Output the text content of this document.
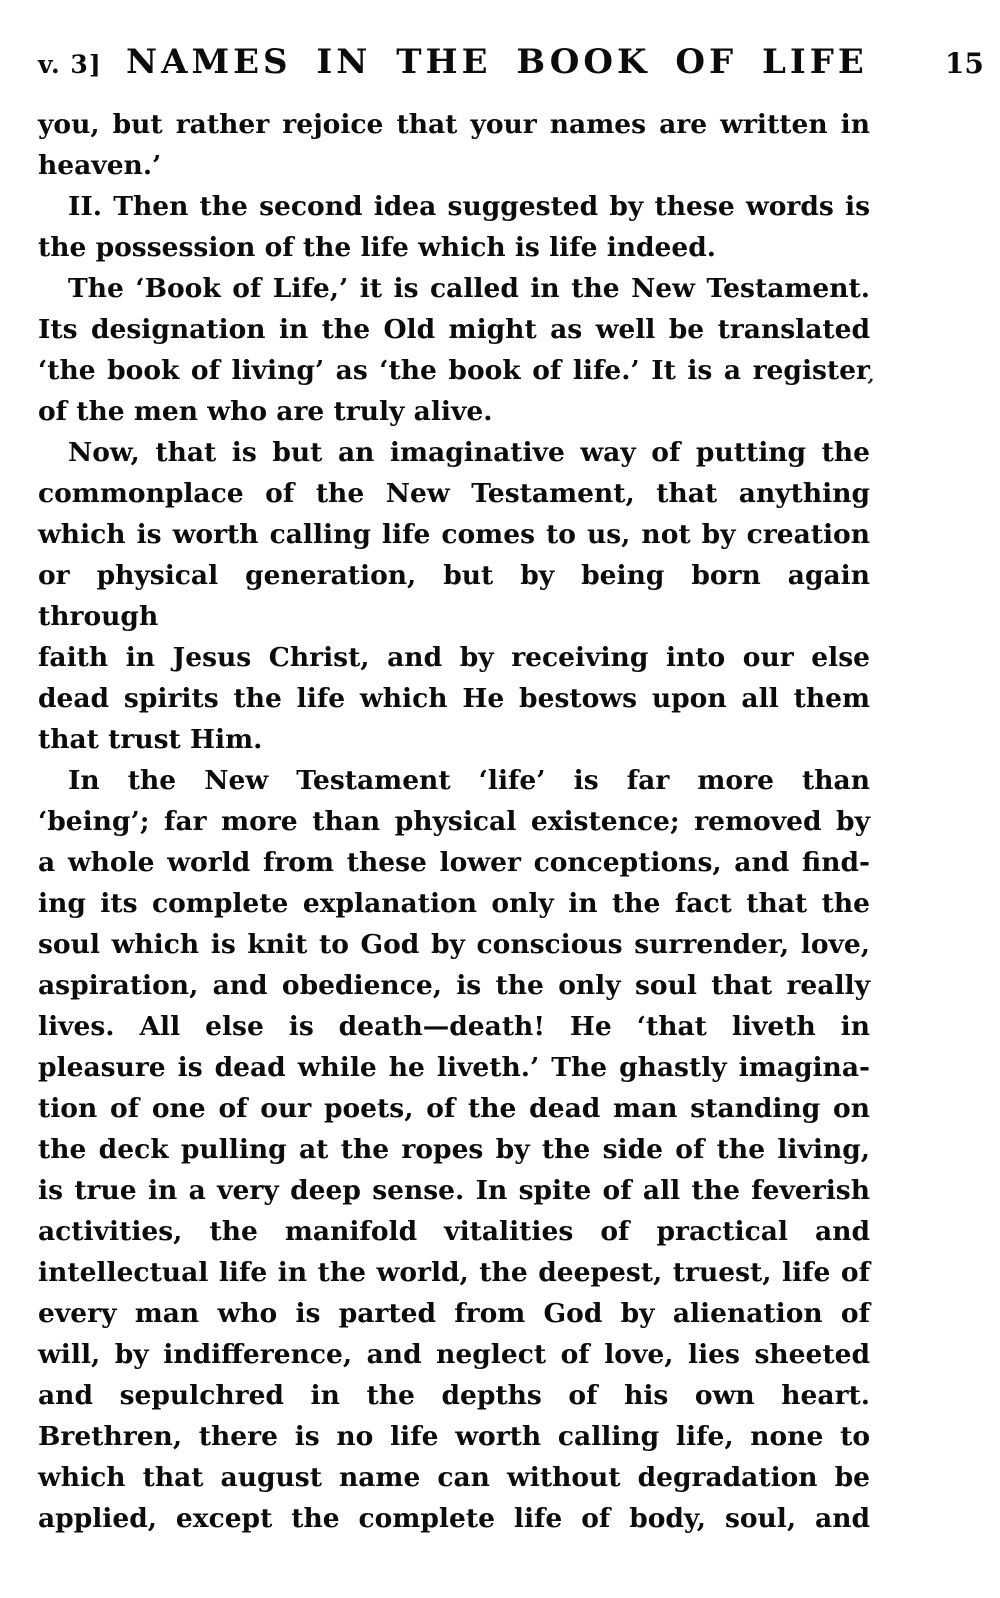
v. 3] NAMES IN THE BOOK OF LIFE	15
you, but rather rejoice that your names are written in
heaven.’
II. Then the second idea suggested by these words is
the possession of the life which is life indeed.
The ‘Book of Life,’ it is called in the New Testament.
Its designation in the Old might as well be translated
‘the book of living’ as ‘the book of life.’ It is a register
of the men who are truly alive.
Now, that is but an imaginative way of putting the
commonplace of the New Testament, that anything
which is worth calling life comes to us, not by creation
or physical generation, but by being born again through
faith in Jesus Christ, and by receiving into our else
dead spirits the life which He bestows upon all them
that trust Him.
In the New Testament ‘life’ is far more than
‘being’; far more than physical existence; removed by
a whole world from these lower conceptions, and find-
ing its complete explanation only in the fact that the
soul which is knit to God by conscious surrender, love,
aspiration, and obedience, is the only soul that really
lives. All else is death—death! He ‘that liveth in
pleasure is dead while he liveth.’ The ghastly imagina-
tion of one of our poets, of the dead man standing on
the deck pulling at the ropes by the side of the living,
is true in a very deep sense. In spite of all the feverish
activities, the manifold vitalities of practical and
intellectual life in the world, the deepest, truest, life of
every man who is parted from God by alienation of
will, by indifference, and neglect of love, lies sheeted
and sepulchred in the depths of his own heart.
Brethren, there is no life worth calling life, none to
which that august name can without degradation be
applied, except the complete life of body, soul, and
’
